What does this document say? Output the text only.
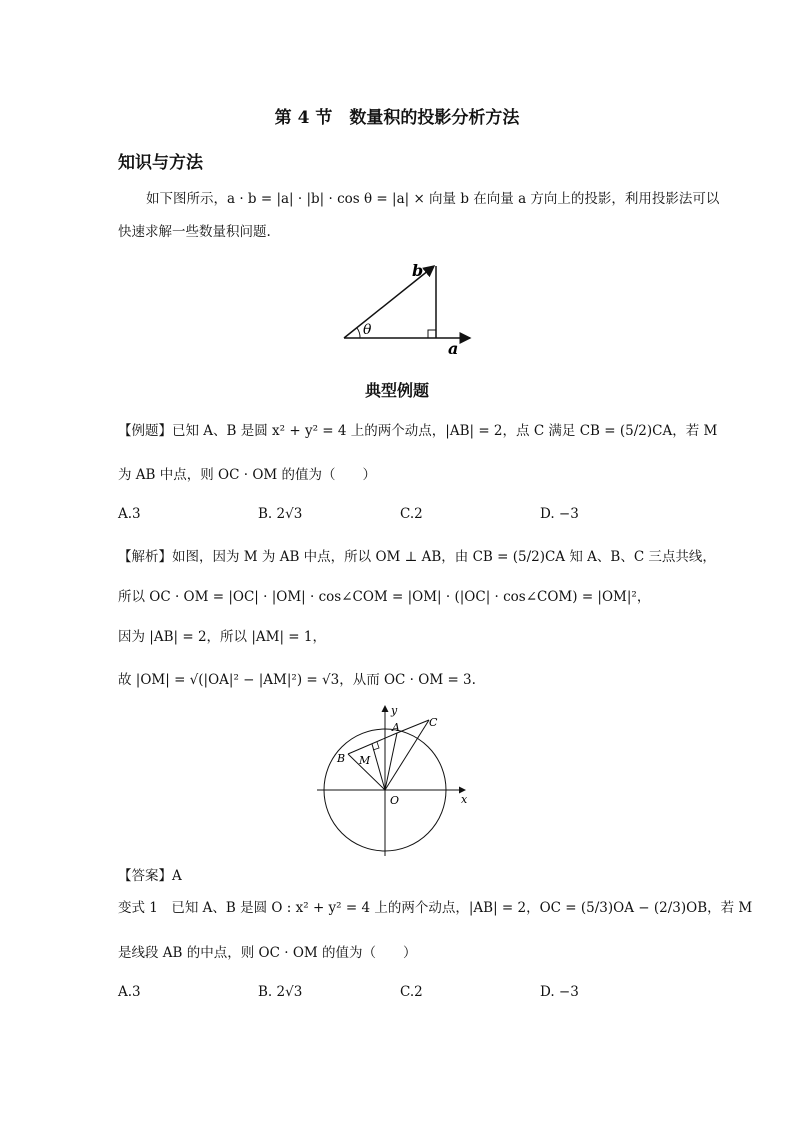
第 4 节　数量积的投影分析方法
知识与方法
如下图所示，a · b = |a| · |b| · cos θ = |a| × 向量 b 在向量 a 方向上的投影，利用投影法可以
快速求解一些数量积问题.
b
θ
a
典型例题
【例题】已知 A、B 是圆 x² + y² = 4 上的两个动点，|AB| = 2，点 C 满足 CB = (5/2)CA，若 M
为 AB 中点，则 OC · OM 的值为（　　）
A.3	B. 2√3	C.2	D. −3
【解析】如图，因为 M 为 AB 中点，所以 OM ⊥ AB，由 CB = (5/2)CA 知 A、B、C 三点共线，
所以 OC · OM = |OC| · |OM| · cos∠COM = |OM| · (|OC| · cos∠COM) = |OM|²，
因为 |AB| = 2，所以 |AM| = 1，
故 |OM| = √(|OA|² − |AM|²) = √3，从而 OC · OM = 3.
y
x
O
A
B
C
M
【答案】A
变式 1　已知 A、B 是圆 O : x² + y² = 4 上的两个动点，|AB| = 2，OC = (5/3)OA − (2/3)OB，若 M
是线段 AB 的中点，则 OC · OM 的值为（　　）
A.3	B. 2√3	C.2	D. −3
